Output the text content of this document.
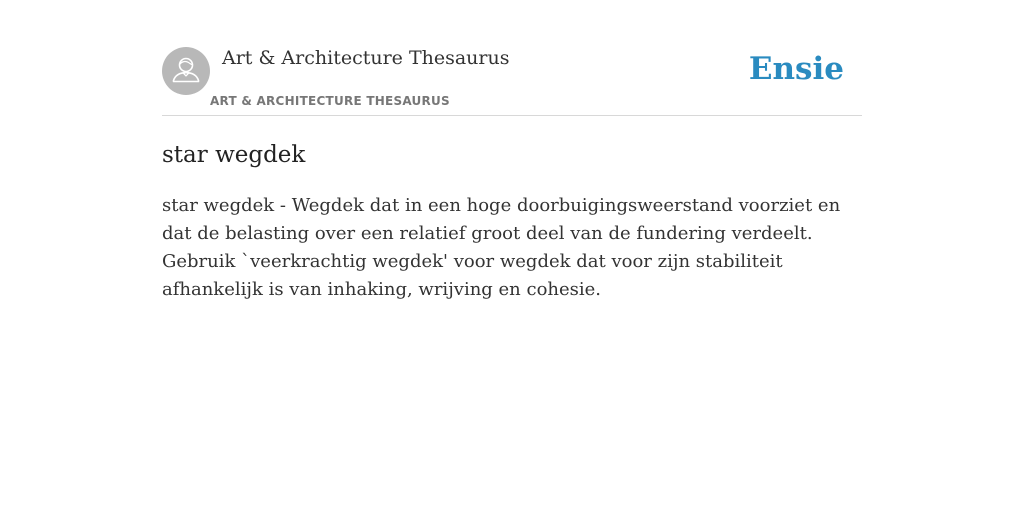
Art & Architecture Thesaurus
ART & ARCHITECTURE THESAURUS
Ensie
star wegdek

star wegdek - Wegdek dat in een hoge doorbuigingsweerstand voorziet en dat de belasting over een relatief groot deel van de fundering verdeelt. Gebruik `veerkrachtig wegdek' voor wegdek dat voor zijn stabiliteit afhankelijk is van inhaking, wrijving en cohesie.
